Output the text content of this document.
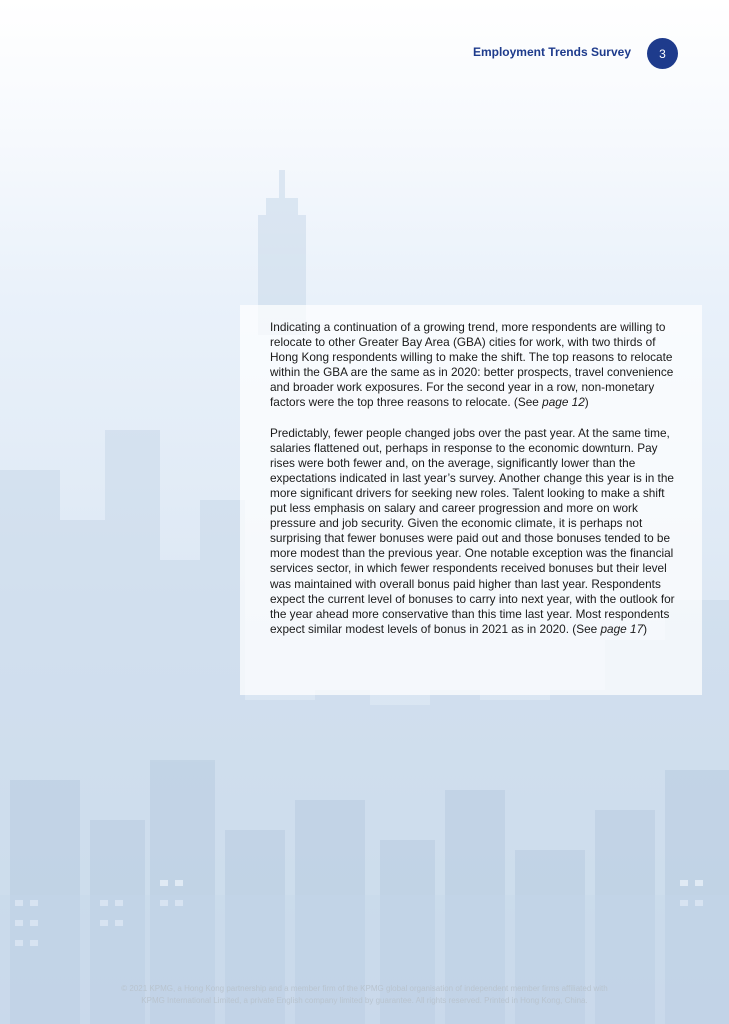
Employment Trends Survey	3

Indicating a continuation of a growing trend, more respondents are willing to relocate to other Greater Bay Area (GBA) cities for work, with two thirds of Hong Kong respondents willing to make the shift. The top reasons to relocate within the GBA are the same as in 2020: better prospects, travel convenience and broader work exposures. For the second year in a row, non-monetary factors were the top three reasons to relocate. (See page 12)

Predictably, fewer people changed jobs over the past year. At the same time, salaries flattened out, perhaps in response to the economic downturn. Pay rises were both fewer and, on the average, significantly lower than the expectations indicated in last year’s survey. Another change this year is in the more significant drivers for seeking new roles. Talent looking to make a shift put less emphasis on salary and career progression and more on work pressure and job security. Given the economic climate, it is perhaps not surprising that fewer bonuses were paid out and those bonuses tended to be more modest than the previous year. One notable exception was the financial services sector, in which fewer respondents received bonuses but their level was maintained with overall bonus paid higher than last year. Respondents expect the current level of bonuses to carry into next year, with the outlook for the year ahead more conservative than this time last year. Most respondents expect similar modest levels of bonus in 2021 as in 2020. (See page 17)

© 2021 KPMG, a Hong Kong partnership and a member firm of the KPMG global organisation of independent member firms affiliated with
KPMG International Limited, a private English company limited by guarantee. All rights reserved. Printed in Hong Kong, China.
